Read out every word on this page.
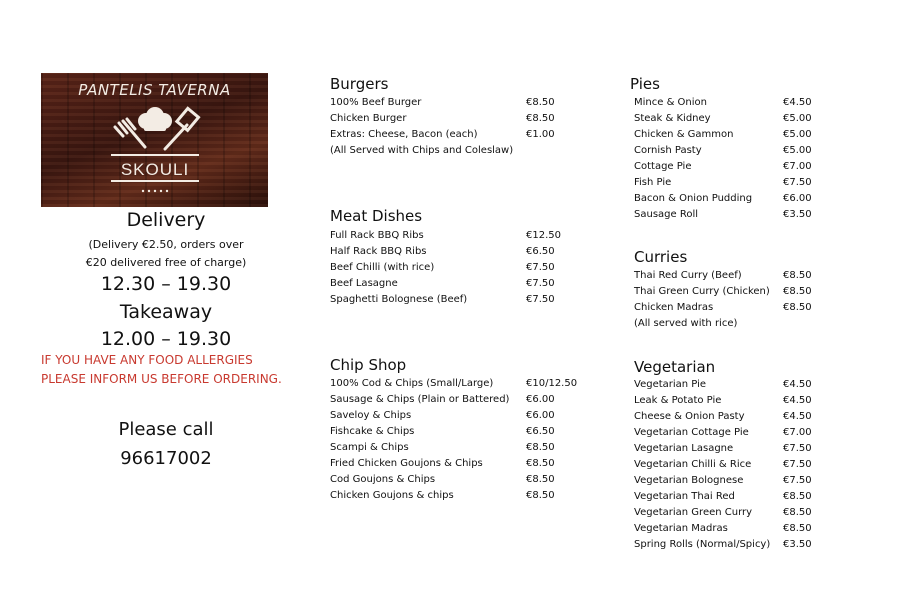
PANTELIS TAVERNA
SKOULI
Delivery
(Delivery €2.50, orders over
€20 delivered free of charge)
12.30 – 19.30
Takeaway
12.00 – 19.30
IF YOU HAVE ANY FOOD ALLERGIES
PLEASE INFORM US BEFORE ORDERING.
Please call
96617002
Burgers
100% Beef Burger	€8.50
Chicken Burger	€8.50
Extras: Cheese, Bacon (each)	€1.00
(All Served with Chips and Coleslaw)
Meat Dishes
Full Rack BBQ Ribs	€12.50
Half Rack BBQ Ribs	€6.50
Beef Chilli (with rice)	€7.50
Beef Lasagne	€7.50
Spaghetti Bolognese (Beef)	€7.50
Chip Shop
100% Cod & Chips (Small/Large)	€10/12.50
Sausage & Chips (Plain or Battered) €6.00
Saveloy & Chips	€6.00
Fishcake & Chips	€6.50
Scampi & Chips	€8.50
Fried Chicken Goujons & Chips	€8.50
Cod Goujons & Chips	€8.50
Chicken Goujons & chips	€8.50
Pies
Mince & Onion	€4.50
Steak & Kidney	€5.00
Chicken & Gammon	€5.00
Cornish Pasty	€5.00
Cottage Pie	€7.00
Fish Pie	€7.50
Bacon & Onion Pudding	€6.00
Sausage Roll	€3.50
Curries
Thai Red Curry (Beef)	€8.50
Thai Green Curry (Chicken) €8.50
Chicken Madras	€8.50
(All served with rice)
Vegetarian
Vegetarian Pie	€4.50
Leak & Potato Pie	€4.50
Cheese & Onion Pasty	€4.50
Vegetarian Cottage Pie	€7.00
Vegetarian Lasagne	€7.50
Vegetarian Chilli & Rice	€7.50
Vegetarian Bolognese	€7.50
Vegetarian Thai Red	€8.50
Vegetarian Green Curry	€8.50
Vegetarian Madras	€8.50
Spring Rolls (Normal/Spicy) €3.50
